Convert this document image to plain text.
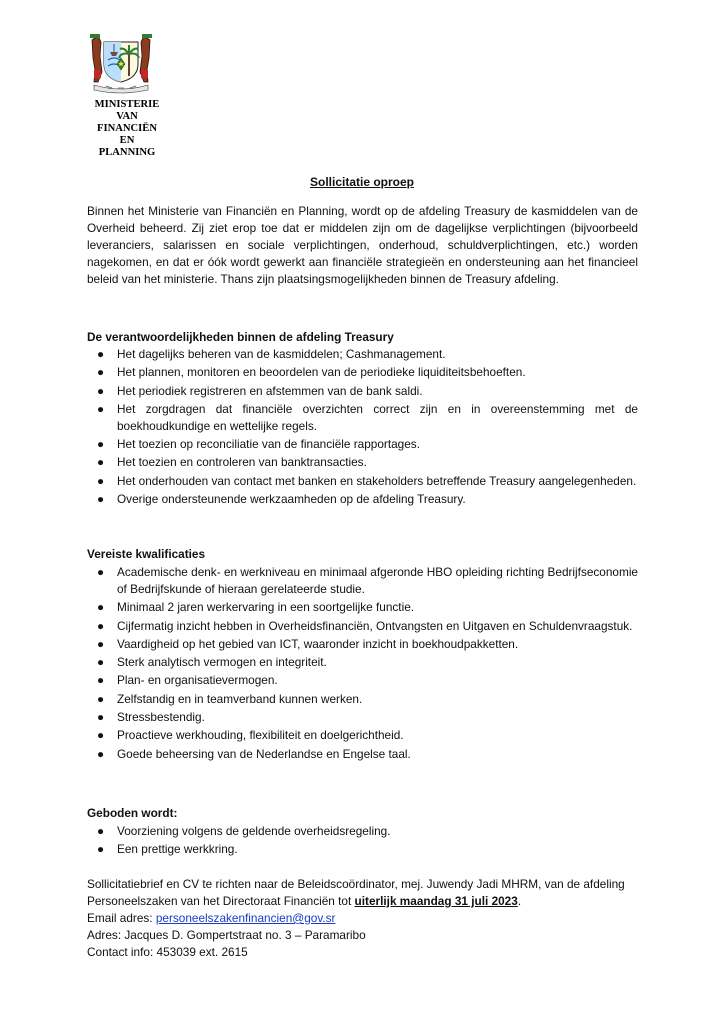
MINISTERIE
VAN
FINANCIËN
EN
PLANNING
Sollicitatie oproep
Binnen het Ministerie van Financiën en Planning, wordt op de afdeling Treasury de kasmiddelen van de Overheid beheerd. Zij ziet erop toe dat er middelen zijn om de dagelijkse verplichtingen (bijvoorbeeld leveranciers, salarissen en sociale verplichtingen, onderhoud, schuldverplichtingen, etc.) worden nagekomen, en dat er óók wordt gewerkt aan financiële strategieën en ondersteuning aan het financieel beleid van het ministerie. Thans zijn plaatsingsmogelijkheden binnen de Treasury afdeling.
De verantwoordelijkheden binnen de afdeling Treasury
● Het dagelijks beheren van de kasmiddelen; Cashmanagement.
● Het plannen, monitoren en beoordelen van de periodieke liquiditeitsbehoeften.
● Het periodiek registreren en afstemmen van de bank saldi.
● Het zorgdragen dat financiële overzichten correct zijn en in overeenstemming met de boekhoudkundige en wettelijke regels.
● Het toezien op reconciliatie van de financiële rapportages.
● Het toezien en controleren van banktransacties.
● Het onderhouden van contact met banken en stakeholders betreffende Treasury aangelegenheden.
● Overige ondersteunende werkzaamheden op de afdeling Treasury.
Vereiste kwalificaties
● Academische denk- en werkniveau en minimaal afgeronde HBO opleiding richting Bedrijfseconomie of Bedrijfskunde of hieraan gerelateerde studie.
● Minimaal 2 jaren werkervaring in een soortgelijke functie.
● Cijfermatig inzicht hebben in Overheidsfinanciën, Ontvangsten en Uitgaven en Schuldenvraagstuk.
● Vaardigheid op het gebied van ICT, waaronder inzicht in boekhoudpakketten.
● Sterk analytisch vermogen en integriteit.
● Plan- en organisatievermogen.
● Zelfstandig en in teamverband kunnen werken.
● Stressbestendig.
● Proactieve werkhouding, flexibiliteit en doelgerichtheid.
● Goede beheersing van de Nederlandse en Engelse taal.
Geboden wordt:
● Voorziening volgens de geldende overheidsregeling.
● Een prettige werkkring.
Sollicitatiebrief en CV te richten naar de Beleidscoördinator, mej. Juwendy Jadi MHRM, van de afdeling Personeelszaken van het Directoraat Financiën tot uiterlijk maandag 31 juli 2023.
Email adres: personeelszakenfinancien@gov.sr
Adres: Jacques D. Gompertstraat no. 3 – Paramaribo
Contact info: 453039 ext. 2615
